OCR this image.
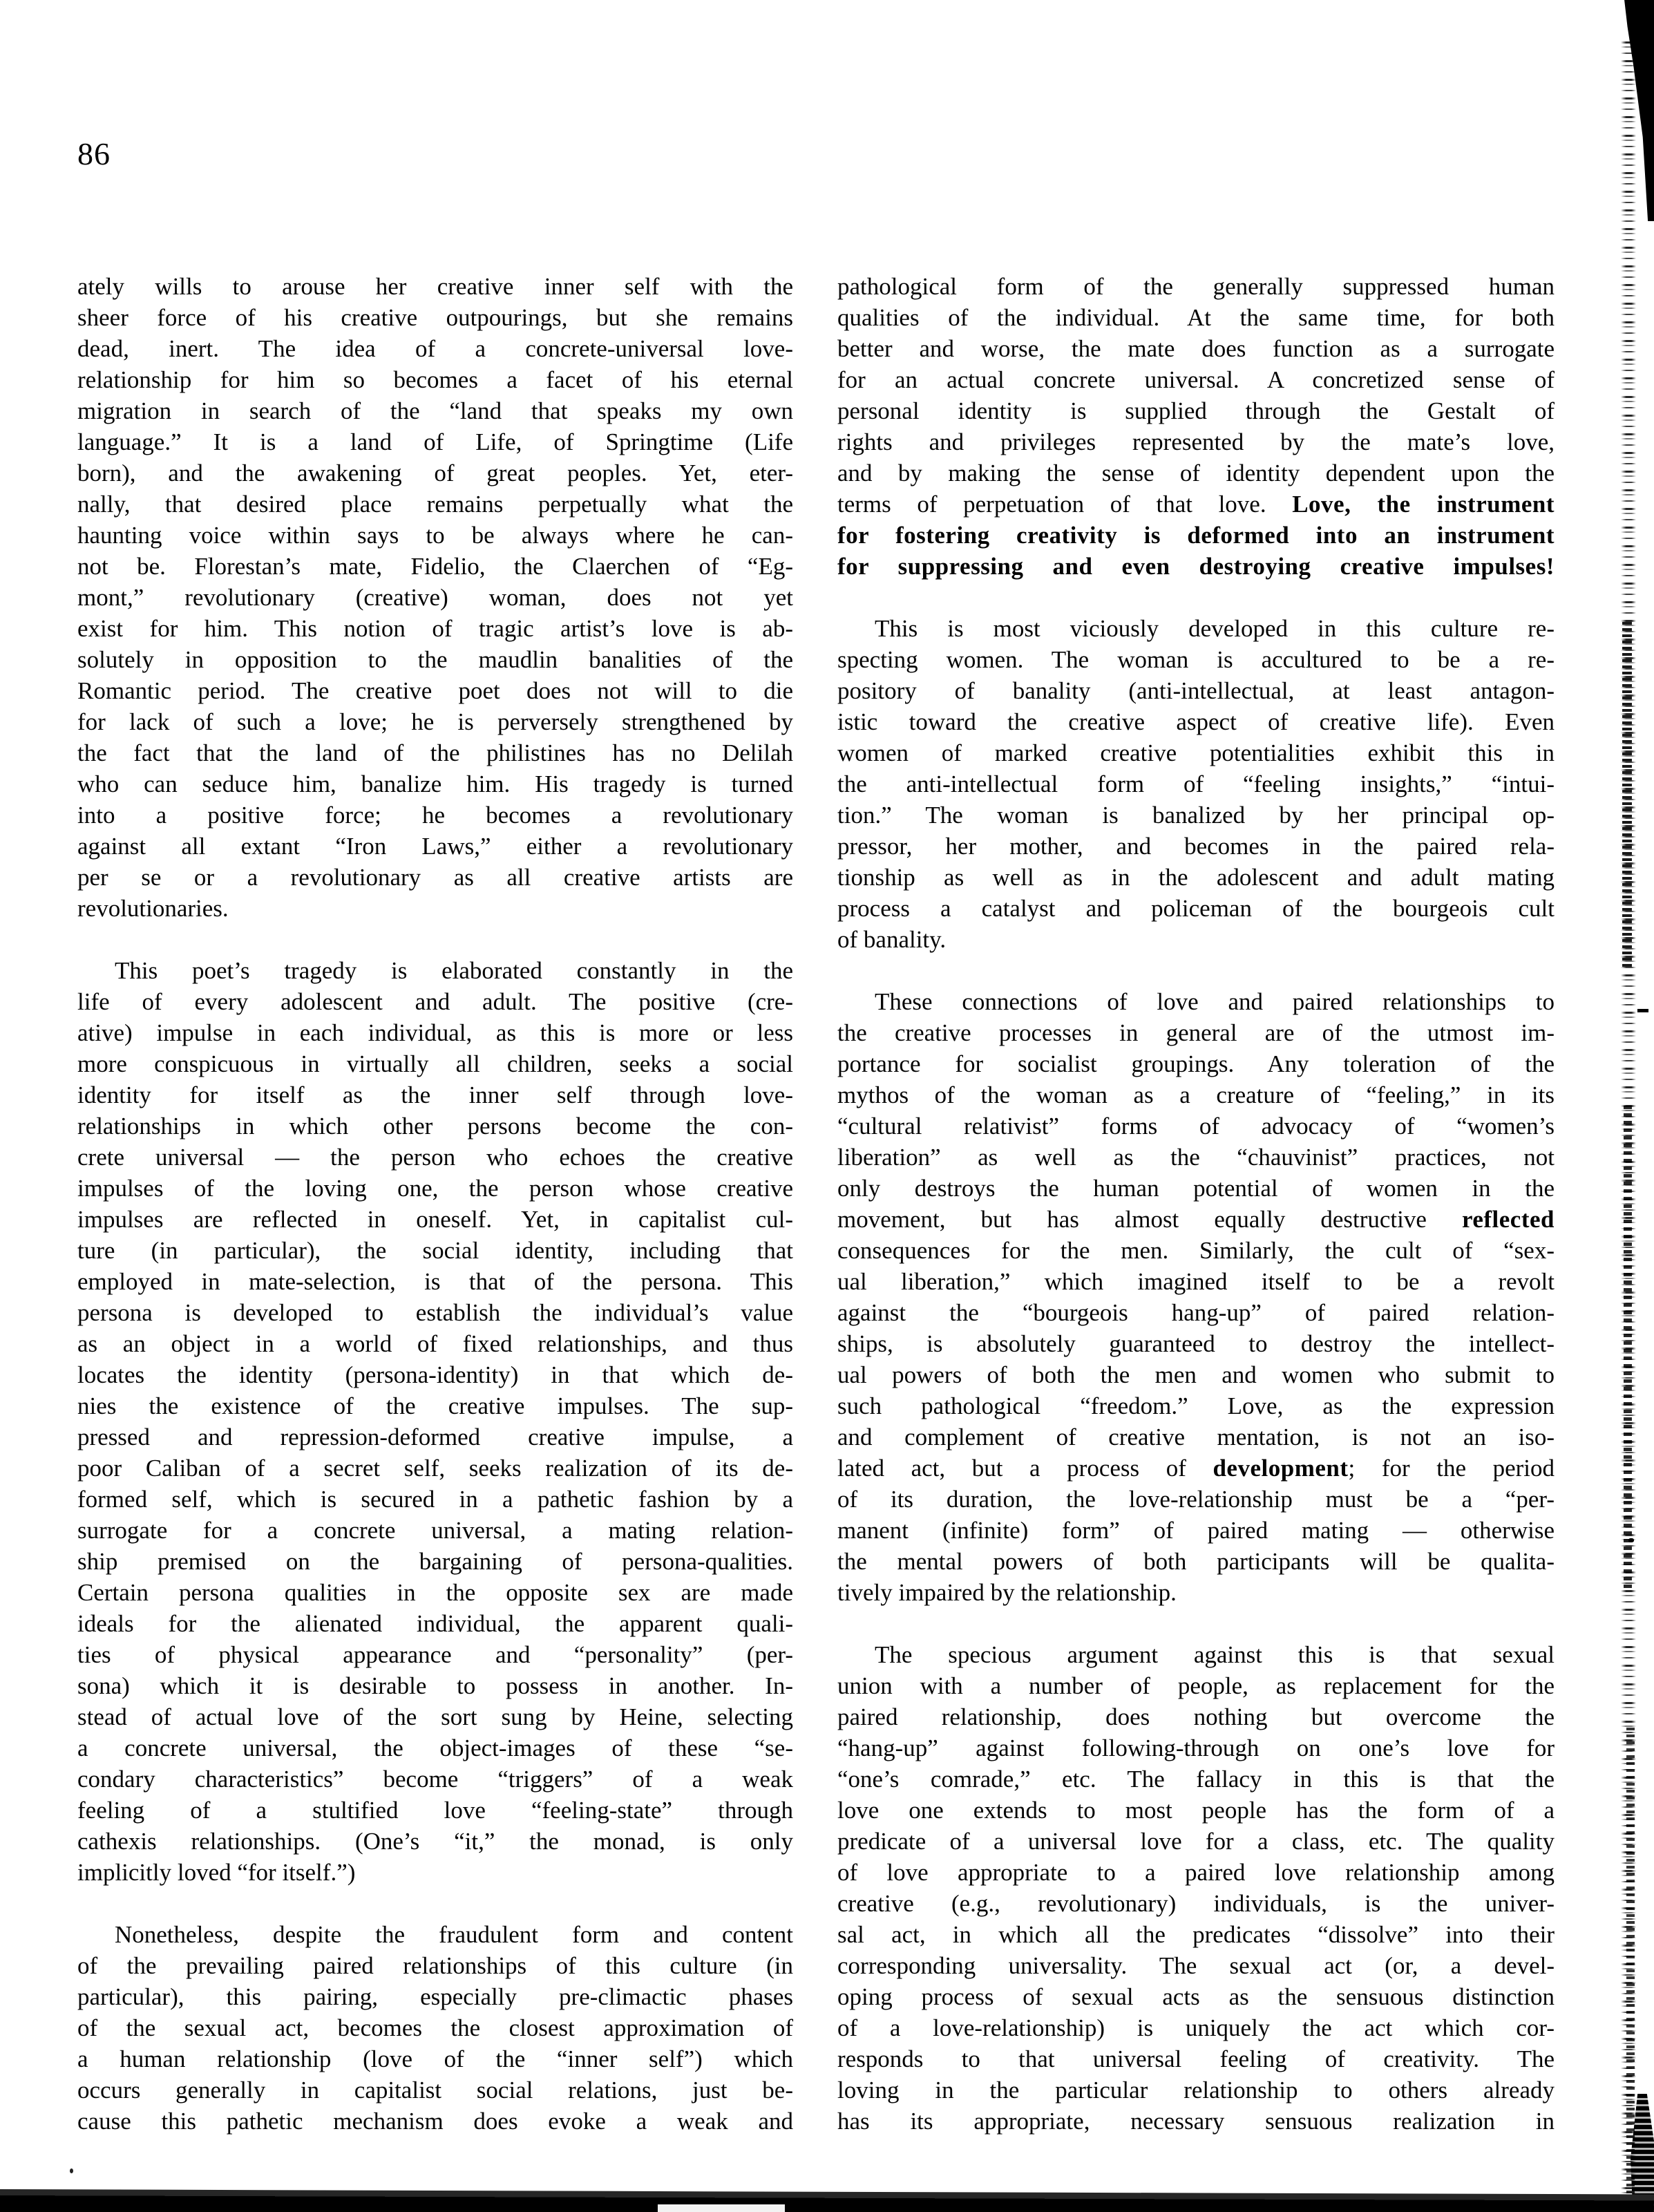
86
ately wills to arouse her creative inner self with the
sheer force of his creative outpourings, but she remains
dead, inert. The idea of a concrete-universal love-
relationship for him so becomes a facet of his eternal
migration in search of the “land that speaks my own
language.” It is a land of Life, of Springtime (Life
born), and the awakening of great peoples. Yet, eter-
nally, that desired place remains perpetually what the
haunting voice within says to be always where he can-
not be. Florestan’s mate, Fidelio, the Claerchen of “Eg-
mont,” revolutionary (creative) woman, does not yet
exist for him. This notion of tragic artist’s love is ab-
solutely in opposition to the maudlin banalities of the
Romantic period. The creative poet does not will to die
for lack of such a love; he is perversely strengthened by
the fact that the land of the philistines has no Delilah
who can seduce him, banalize him. His tragedy is turned
into a positive force; he becomes a revolutionary
against all extant “Iron Laws,” either a revolutionary
per se or a revolutionary as all creative artists are
revolutionaries.
This poet’s tragedy is elaborated constantly in the
life of every adolescent and adult. The positive (cre-
ative) impulse in each individual, as this is more or less
more conspicuous in virtually all children, seeks a social
identity for itself as the inner self through love-
relationships in which other persons become the con-
crete universal — the person who echoes the creative
impulses of the loving one, the person whose creative
impulses are reflected in oneself. Yet, in capitalist cul-
ture (in particular), the social identity, including that
employed in mate-selection, is that of the persona. This
persona is developed to establish the individual’s value
as an object in a world of fixed relationships, and thus
locates the identity (persona-identity) in that which de-
nies the existence of the creative impulses. The sup-
pressed and repression-deformed creative impulse, a
poor Caliban of a secret self, seeks realization of its de-
formed self, which is secured in a pathetic fashion by a
surrogate for a concrete universal, a mating relation-
ship premised on the bargaining of persona-qualities.
Certain persona qualities in the opposite sex are made
ideals for the alienated individual, the apparent quali-
ties of physical appearance and “personality” (per-
sona) which it is desirable to possess in another. In-
stead of actual love of the sort sung by Heine, selecting
a concrete universal, the object-images of these “se-
condary characteristics” become “triggers” of a weak
feeling of a stultified love “feeling-state” through
cathexis relationships. (One’s “it,” the monad, is only
implicitly loved “for itself.”)
Nonetheless, despite the fraudulent form and content
of the prevailing paired relationships of this culture (in
particular), this pairing, especially pre-climactic phases
of the sexual act, becomes the closest approximation of
a human relationship (love of the “inner self”) which
occurs generally in capitalist social relations, just be-
cause this pathetic mechanism does evoke a weak and
pathological form of the generally suppressed human
qualities of the individual. At the same time, for both
better and worse, the mate does function as a surrogate
for an actual concrete universal. A concretized sense of
personal identity is supplied through the Gestalt of
rights and privileges represented by the mate’s love,
and by making the sense of identity dependent upon the
terms of perpetuation of that love. Love, the instrument
for fostering creativity is deformed into an instrument
for suppressing and even destroying creative impulses!
This is most viciously developed in this culture re-
specting women. The woman is accultured to be a re-
pository of banality (anti-intellectual, at least antagon-
istic toward the creative aspect of creative life). Even
women of marked creative potentialities exhibit this in
the anti-intellectual form of “feeling insights,” “intui-
tion.” The woman is banalized by her principal op-
pressor, her mother, and becomes in the paired rela-
tionship as well as in the adolescent and adult mating
process a catalyst and policeman of the bourgeois cult
of banality.
These connections of love and paired relationships to
the creative processes in general are of the utmost im-
portance for socialist groupings. Any toleration of the
mythos of the woman as a creature of “feeling,” in its
“cultural relativist” forms of advocacy of “women’s
liberation” as well as the “chauvinist” practices, not
only destroys the human potential of women in the
movement, but has almost equally destructive reflected
consequences for the men. Similarly, the cult of “sex-
ual liberation,” which imagined itself to be a revolt
against the “bourgeois hang-up” of paired relation-
ships, is absolutely guaranteed to destroy the intellect-
ual powers of both the men and women who submit to
such pathological “freedom.” Love, as the expression
and complement of creative mentation, is not an iso-
lated act, but a process of development; for the period
of its duration, the love-relationship must be a “per-
manent (infinite) form” of paired mating — otherwise
the mental powers of both participants will be qualita-
tively impaired by the relationship.
The specious argument against this is that sexual
union with a number of people, as replacement for the
paired relationship, does nothing but overcome the
“hang-up” against following-through on one’s love for
“one’s comrade,” etc. The fallacy in this is that the
love one extends to most people has the form of a
predicate of a universal love for a class, etc. The quality
of love appropriate to a paired love relationship among
creative (e.g., revolutionary) individuals, is the univer-
sal act, in which all the predicates “dissolve” into their
corresponding universality. The sexual act (or, a devel-
oping process of sexual acts as the sensuous distinction
of a love-relationship) is uniquely the act which cor-
responds to that universal feeling of creativity. The
loving in the particular relationship to others already
has its appropriate, necessary sensuous realization in
